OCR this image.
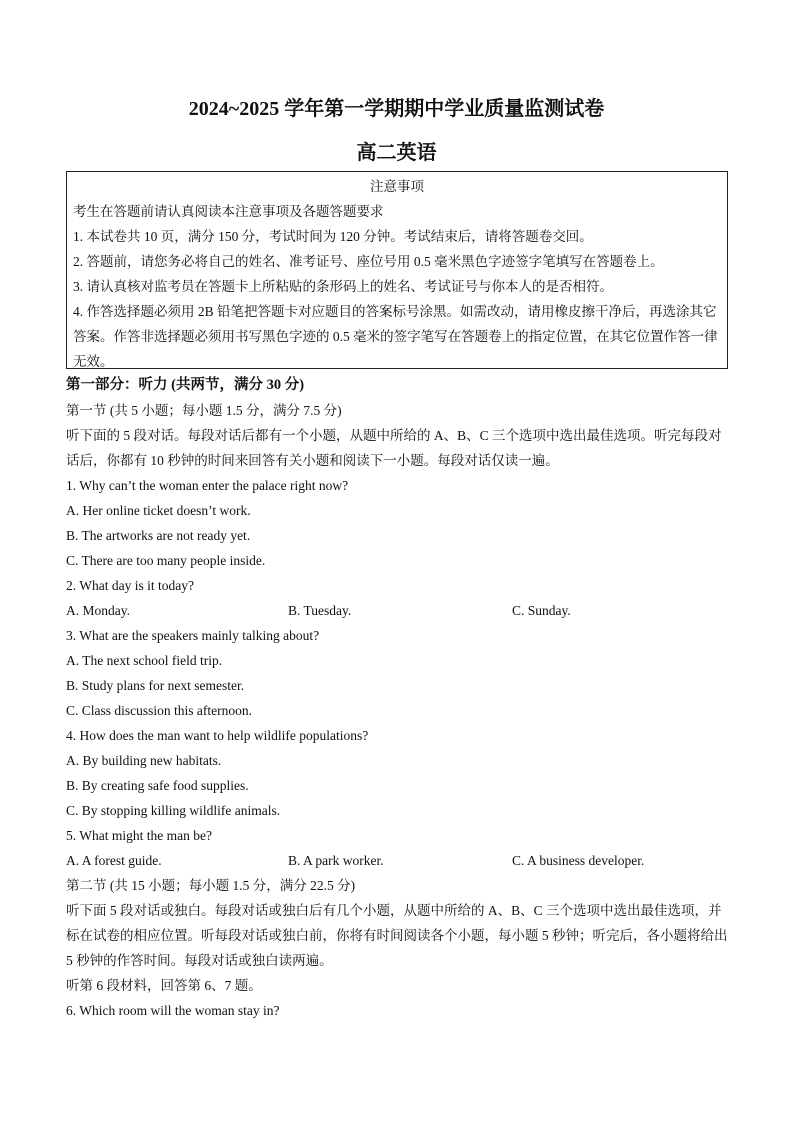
2024~2025 学年第一学期期中学业质量监测试卷
高二英语

注意事项

考生在答题前请认真阅读本注意事项及各题答题要求

1. 本试卷共 10 页，满分 150 分，考试时间为 120 分钟。考试结束后，请将答题卷交回。

2. 答题前，请您务必将自己的姓名、准考证号、座位号用 0.5 毫米黑色字迹签字笔填写在答题卷上。

3. 请认真核对监考员在答题卡上所粘贴的条形码上的姓名、考试证号与你本人的是否相符。

4. 作答选择题必须用 2B 铅笔把答题卡对应题目的答案标号涂黑。如需改动，请用橡皮擦干净后，再选涂其它答案。作答非选择题必须用书写黑色字迹的 0.5 毫米的签字笔写在答题卷上的指定位置，在其它位置作答一律无效。

第一部分：听力 (共两节，满分 30 分)

第一节 (共 5 小题；每小题 1.5 分，满分 7.5 分)

听下面的 5 段对话。每段对话后都有一个小题，从题中所给的 A、B、C 三个选项中选出最佳选项。听完每段对话后，你都有 10 秒钟的时间来回答有关小题和阅读下一小题。每段对话仅读一遍。

1. Why can’t the woman enter the palace right now?

A. Her online ticket doesn’t work.

B. The artworks are not ready yet.

C. There are too many people inside.

2. What day is it today?

A. Monday.	B. Tuesday.	C. Sunday.

3. What are the speakers mainly talking about?

A. The next school field trip.

B. Study plans for next semester.

C. Class discussion this afternoon.

4. How does the man want to help wildlife populations?

A. By building new habitats.

B. By creating safe food supplies.

C. By stopping killing wildlife animals.

5. What might the man be?

A. A forest guide.	B. A park worker.	C. A business developer.

第二节 (共 15 小题；每小题 1.5 分，满分 22.5 分)

听下面 5 段对话或独白。每段对话或独白后有几个小题，从题中所给的 A、B、C 三个选项中选出最佳选项，并标在试卷的相应位置。听每段对话或独白前，你将有时间阅读各个小题，每小题 5 秒钟；听完后，各小题将给出 5 秒钟的作答时间。每段对话或独白读两遍。

听第 6 段材料，回答第 6、7 题。

6. Which room will the woman stay in?
